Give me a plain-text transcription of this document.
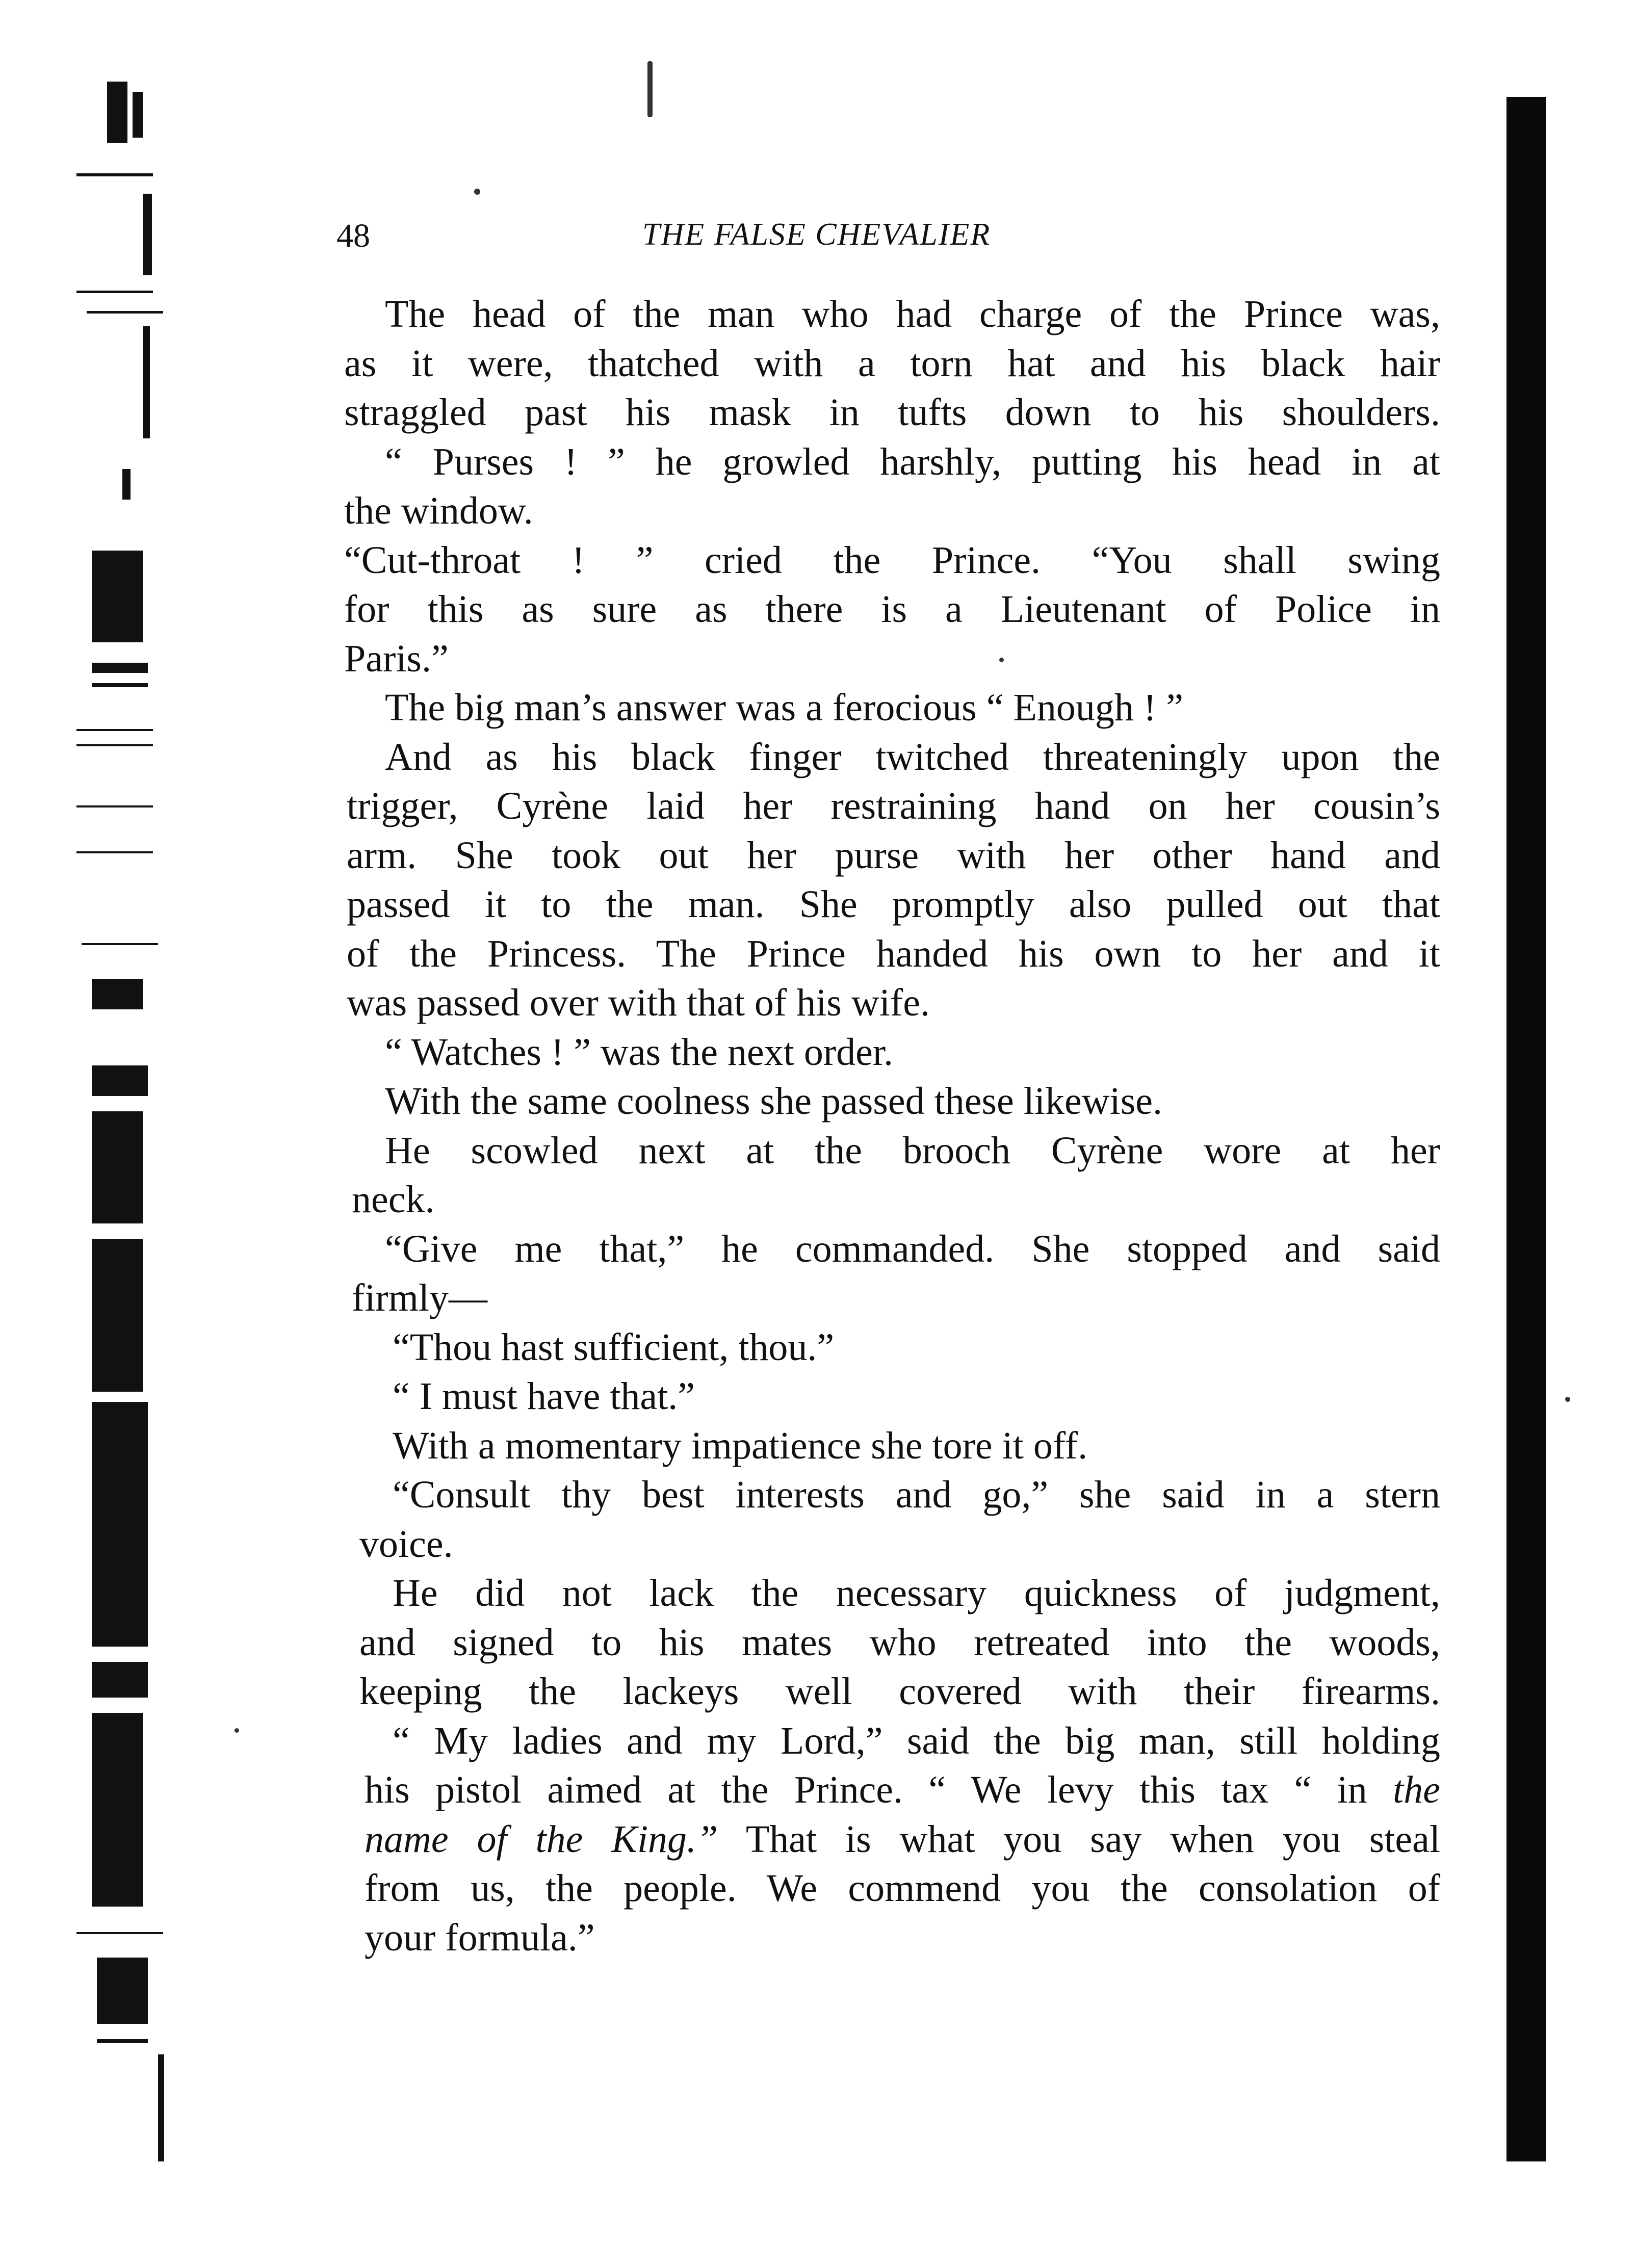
48	THE FALSE CHEVALIER
The head of the man who had charge of the Prince was,
as it were, thatched with a torn hat and his black hair
straggled past his mask in tufts down to his shoulders.
“ Purses ! ” he growled harshly, putting his head in at
the window.
“Cut-throat ! ” cried the Prince. “You shall swing
for this as sure as there is a Lieutenant of Police in
Paris.”
The big man’s answer was a ferocious “ Enough ! ”
And as his black finger twitched threateningly upon the
trigger, Cyrène laid her restraining hand on her cousin’s
arm. She took out her purse with her other hand and
passed it to the man. She promptly also pulled out that
of the Princess. The Prince handed his own to her and it
was passed over with that of his wife.
“ Watches ! ” was the next order.
With the same coolness she passed these likewise.
He scowled next at the brooch Cyrène wore at her
neck.
“Give me that,” he commanded. She stopped and said
firmly—
“Thou hast sufficient, thou.”
“ I must have that.”
With a momentary impatience she tore it off.
“Consult thy best interests and go,” she said in a stern
voice.
He did not lack the necessary quickness of judgment,
and signed to his mates who retreated into the woods,
keeping the lackeys well covered with their firearms.
“ My ladies and my Lord,” said the big man, still holding
his pistol aimed at the Prince. “ We levy this tax “ in the
name of the King.” That is what you say when you steal
from us, the people. We commend you the consolation of
your formula.”
